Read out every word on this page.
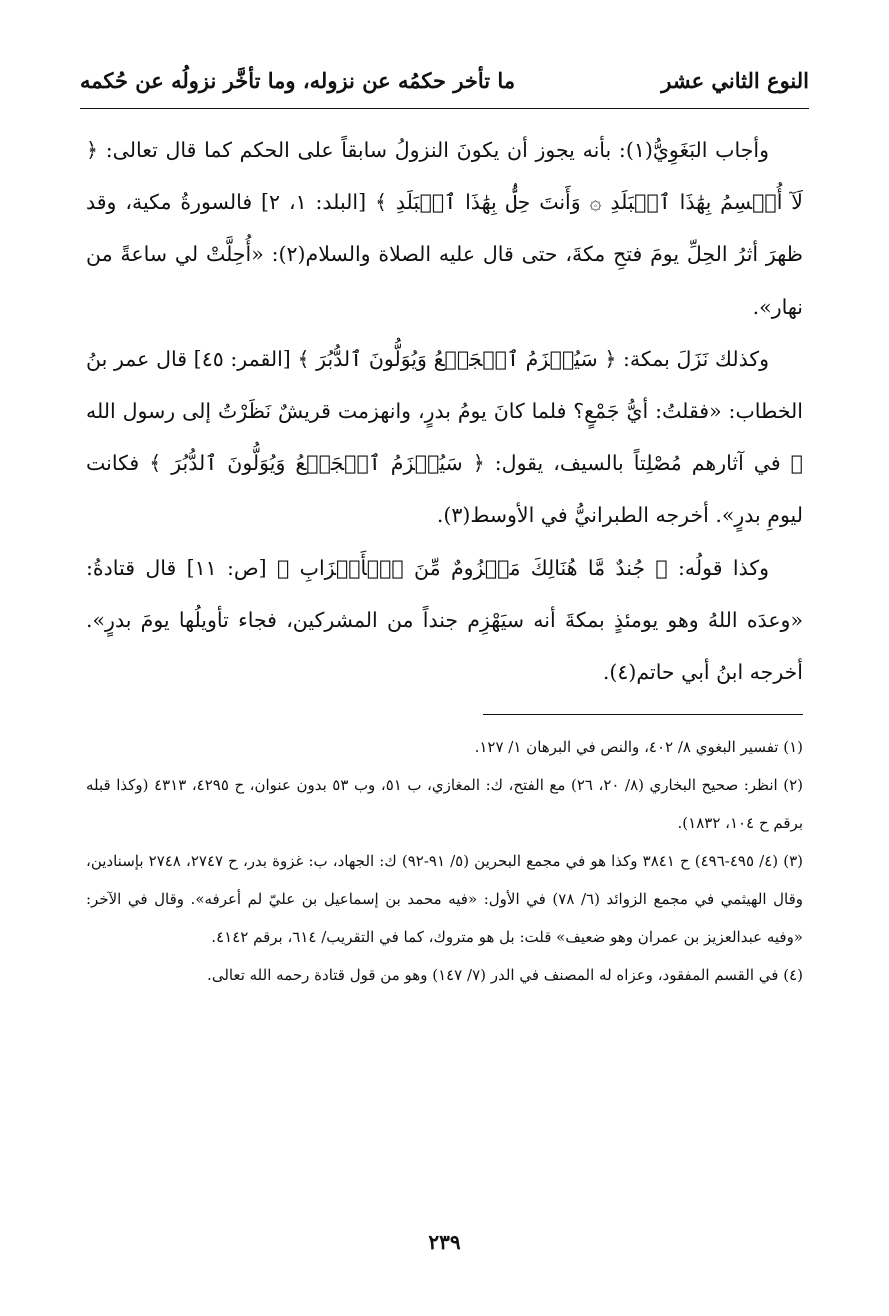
النوع الثاني عشر
ما تأخر حكمُه عن نزوله، وما تأخَّر نزولُه عن حُكمه

وأجاب البَغَوِيُّ(١): بأنه يجوز أن يكونَ النزولُ سابقاً على الحكم كما قال تعالى: ﴿ لَآ أُقۡسِمُ بِهَٰذَا ٱلۡبَلَدِ ۞ وَأَنتَ حِلُّۢ بِهَٰذَا ٱلۡبَلَدِ ﴾ [البلد: ١، ٢] فالسورةُ مكية، وقد ظهرَ أثرُ الحِلِّ يومَ فتحِ مكةَ، حتى قال عليه الصلاة والسلام(٢): «أُحِلَّتْ لي ساعةً من نهار».

وكذلك نَزَلَ بمكة: ﴿ سَيُهۡزَمُ ٱلۡجَمۡعُ وَيُوَلُّونَ ٱلدُّبُرَ ﴾ [القمر: ٤٥] قال عمر بنُ الخطاب: «فقلتُ: أيُّ جَمْعٍ؟ فلما كانَ يومُ بدرٍ، وانهزمت قريشٌ نَظَرْتُ إلى رسول الله ﷺ في آثارهم مُصْلِتاً بالسيف، يقول: ﴿ سَيُهۡزَمُ ٱلۡجَمۡعُ وَيُوَلُّونَ ٱلدُّبُرَ ﴾ فكانت ليومِ بدرٍ». أخرجه الطبرانيُّ في الأوسط(٣).

وكذا قولُه: ﴿ جُندٌ مَّا هُنَالِكَ مَهۡزُومٌ مِّنَ ٱلۡأَحۡزَابِ ﴾ [ص: ١١] قال قتادةُ: «وعدَه اللهُ وهو يومئذٍ بمكةَ أنه سيَهْزِم جنداً من المشركين، فجاء تأويلُها يومَ بدرٍ». أخرجه ابنُ أبي حاتم(٤).

(١) تفسير البغوي ٨/ ٤٠٢، والنص في البرهان ١/ ١٢٧.

(٢) انظر: صحيح البخاري (٨/ ٢٠، ٢٦) مع الفتح، ك: المغازي، ب ٥١، وب ٥٣ بدون عنوان، ح ٤٢٩٥، ٤٣١٣ (وكذا قبله برقم ح ١٠٤، ١٨٣٢).

(٣) (٤/ ٤٩٥-٤٩٦) ح ٣٨٤١ وكذا هو في مجمع البحرين (٥/ ٩١-٩٢) ك: الجهاد، ب: غزوة بدر، ح ٢٧٤٧، ٢٧٤٨ بإسنادين، وقال الهيثمي في مجمع الزوائد (٦/ ٧٨) في الأول: «فيه محمد بن إسماعيل بن عليّ لم أعرفه». وقال في الآخر: «وفيه عبدالعزيز بن عمران وهو ضعيف» قلت: بل هو متروك، كما في التقريب/ ٦١٤، برقم ٤١٤٢.

(٤) في القسم المفقود، وعزاه له المصنف في الدر (٧/ ١٤٧) وهو من قول قتادة رحمه الله تعالى.

٢٣٩
